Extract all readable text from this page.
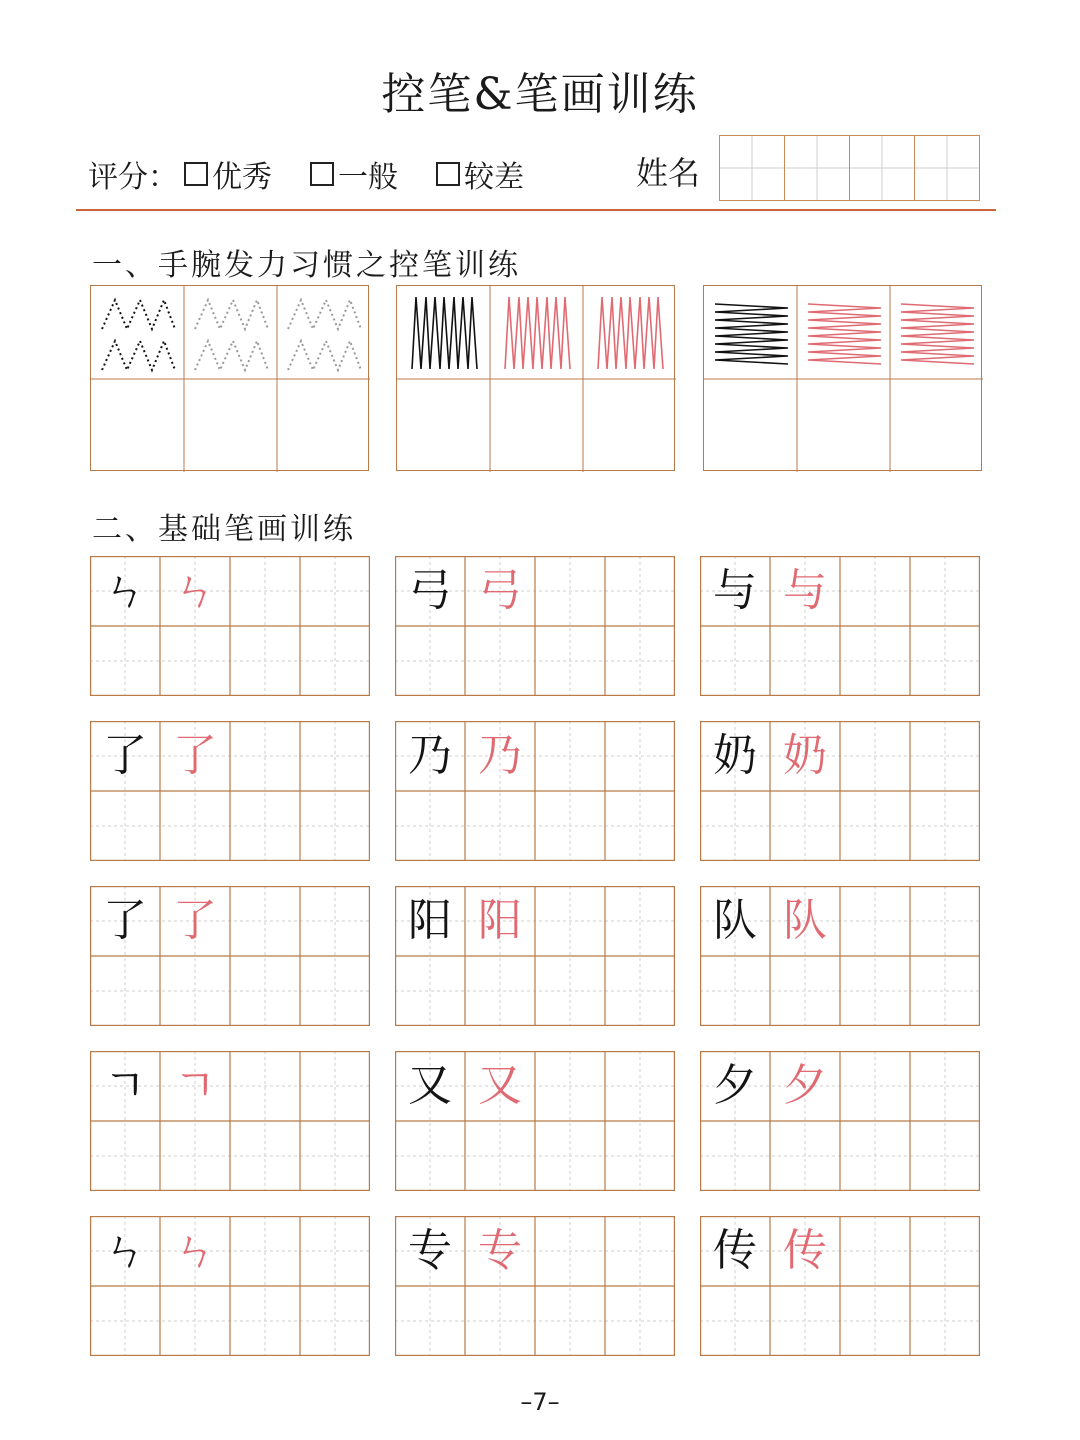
控笔&笔画训练
评分： 优秀 一般 较差	姓名
一、手腕发力习惯之控笔训练
二、基础笔画训练
ㄣ ㄣ	弓 弓	与 与
了 了	乃 乃	奶 奶
了 了	阳 阳	队 队
ㄱ ㄱ	又 又	夕 夕
ㄣ ㄣ	专 专	传 传
–7–
